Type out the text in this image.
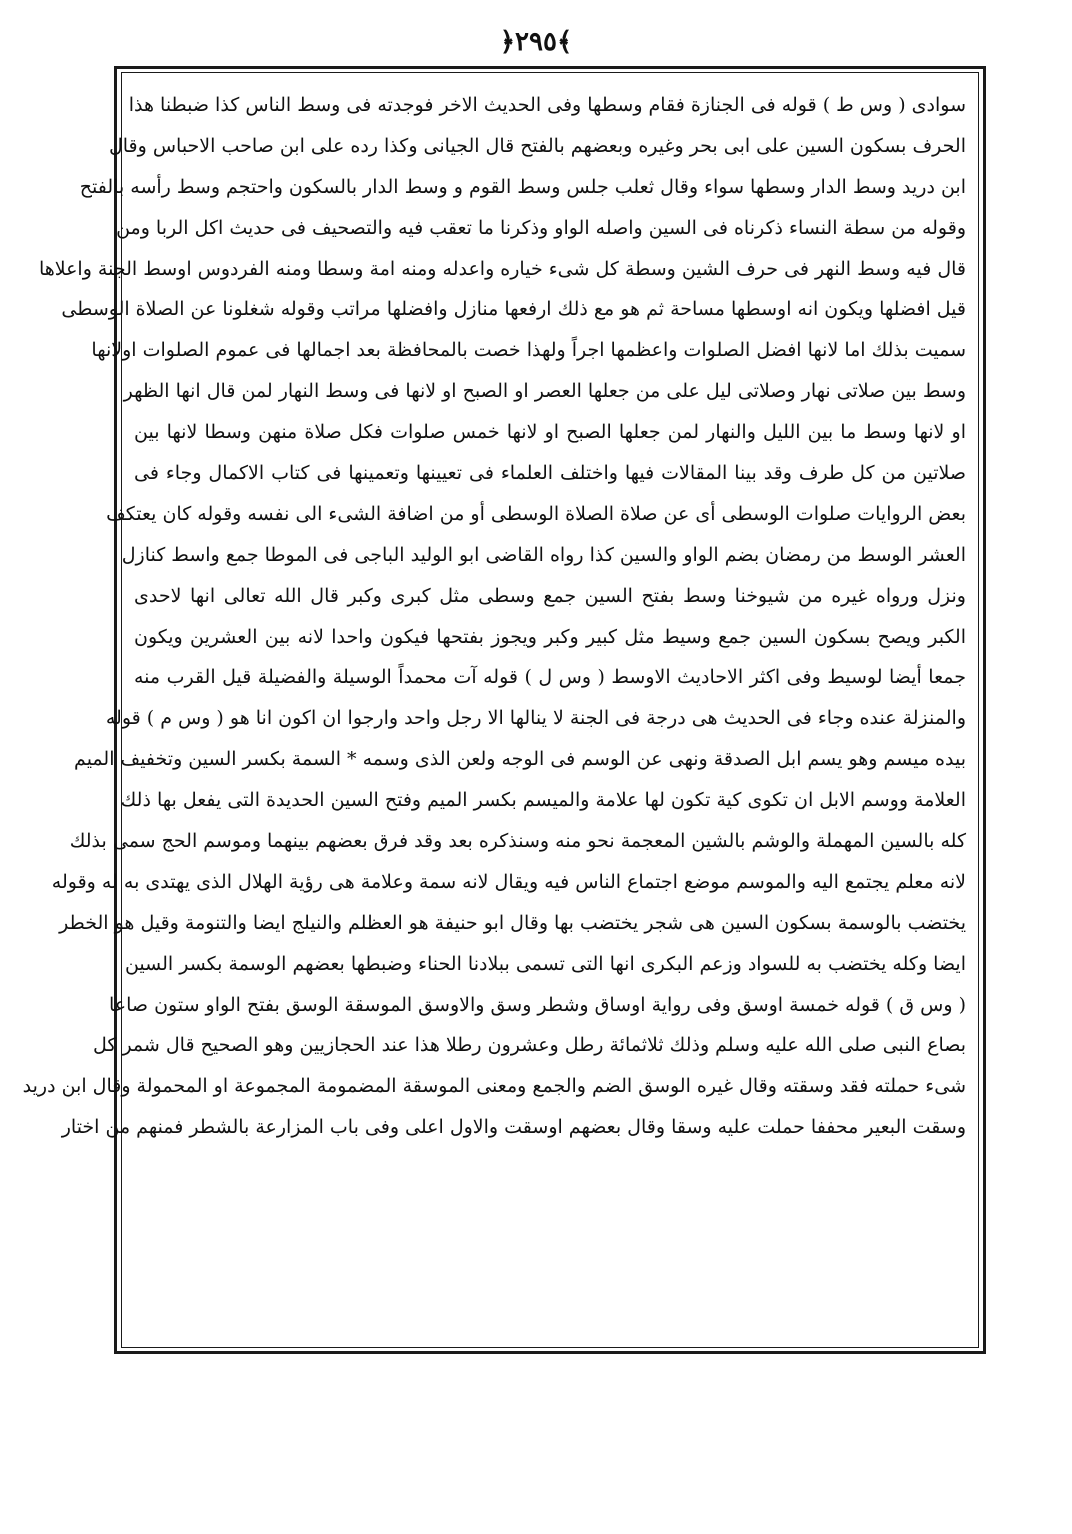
﴿٢٩٥﴾
سوادى ( وس ط ) قوله فى الجنازة فقام وسطها وفى الحديث الاخر فوجدته فى وسط الناس كذا ضبطنا هذا
الحرف بسكون السين على ابى بحر وغيره وبعضهم بالفتح قال الجيانى وكذا رده على ابن صاحب الاحباس وقال
ابن دريد وسط الدار وسطها سواء وقال ثعلب جلس وسط القوم و وسط الدار بالسكون واحتجم وسط رأسه بالفتح
وقوله من سطة النساء ذكرناه فى السين واصله الواو وذكرنا ما تعقب فيه والتصحيف فى حديث اكل الربا ومن
قال فيه وسط النهر فى حرف الشين وسطة كل شىء خياره واعدله ومنه امة وسطا ومنه الفردوس اوسط الجنة واعلاها
قيل افضلها ويكون انه اوسطها مساحة ثم هو مع ذلك ارفعها منازل وافضلها مراتب وقوله شغلونا عن الصلاة الوسطى
سميت بذلك اما لانها افضل الصلوات واعظمها اجراً ولهذا خصت بالمحافظة بعد اجمالها فى عموم الصلوات اولانها
وسط بين صلاتى نهار وصلاتى ليل على من جعلها العصر او الصبح او لانها فى وسط النهار لمن قال انها الظهر
او لانها وسط ما بين الليل والنهار لمن جعلها الصبح او لانها خمس صلوات فكل صلاة منهن وسطا لانها بين
صلاتين من كل طرف وقد بينا المقالات فيها واختلف العلماء فى تعيينها وتعمينها فى كتاب الاكمال وجاء فى
بعض الروايات صلوات الوسطى أى عن صلاة الصلاة الوسطى أو من اضافة الشىء الى نفسه وقوله كان يعتكف
العشر الوسط من رمضان بضم الواو والسين كذا رواه القاضى ابو الوليد الباجى فى الموطا جمع واسط كنازل
ونزل ورواه غيره من شيوخنا وسط بفتح السين جمع وسطى مثل كبرى وكبر قال الله تعالى انها لاحدى
الكبر ويصح بسكون السين جمع وسيط مثل كبير وكبر ويجوز بفتحها فيكون واحدا لانه بين العشرين ويكون
جمعا أيضا لوسيط وفى اكثر الاحاديث الاوسط ( وس ل ) قوله آت محمداً الوسيلة والفضيلة قيل القرب منه
والمنزلة عنده وجاء فى الحديث هى درجة فى الجنة لا ينالها الا رجل واحد وارجوا ان اكون انا هو ( وس م ) قوله
بيده ميسم وهو يسم ابل الصدقة ونهى عن الوسم فى الوجه ولعن الذى وسمه * السمة بكسر السين وتخفيف الميم
العلامة ووسم الابل ان تكوى كية تكون لها علامة والميسم بكسر الميم وفتح السين الحديدة التى يفعل بها ذلك
كله بالسين المهملة والوشم بالشين المعجمة نحو منه وسنذكره بعد وقد فرق بعضهم بينهما وموسم الحج سمى بذلك
لانه معلم يجتمع اليه والموسم موضع اجتماع الناس فيه ويقال لانه سمة وعلامة هى رؤية الهلال الذى يهتدى به له وقوله
يختضب بالوسمة بسكون السين هى شجر يختضب بها وقال ابو حنيفة هو العظلم والنيلج ايضا والتنومة وقيل هو الخطر
ايضا وكله يختضب به للسواد وزعم البكرى انها التى تسمى ببلادنا الحناء وضبطها بعضهم الوسمة بكسر السين
( وس ق ) قوله خمسة اوسق وفى رواية اوساق وشطر وسق والاوسق الموسقة الوسق بفتح الواو ستون صاعا
بصاع النبى صلى الله عليه وسلم وذلك ثلاثمائة رطل وعشرون رطلا هذا عند الحجازيين وهو الصحيح قال شمر كل
شىء حملته فقد وسقته وقال غيره الوسق الضم والجمع ومعنى الموسقة المضمومة المجموعة او المحمولة وقال ابن دريد
وسقت البعير محففا حملت عليه وسقا وقال بعضهم اوسقت والاول اعلى وفى باب المزارعة بالشطر فمنهم من اختار
